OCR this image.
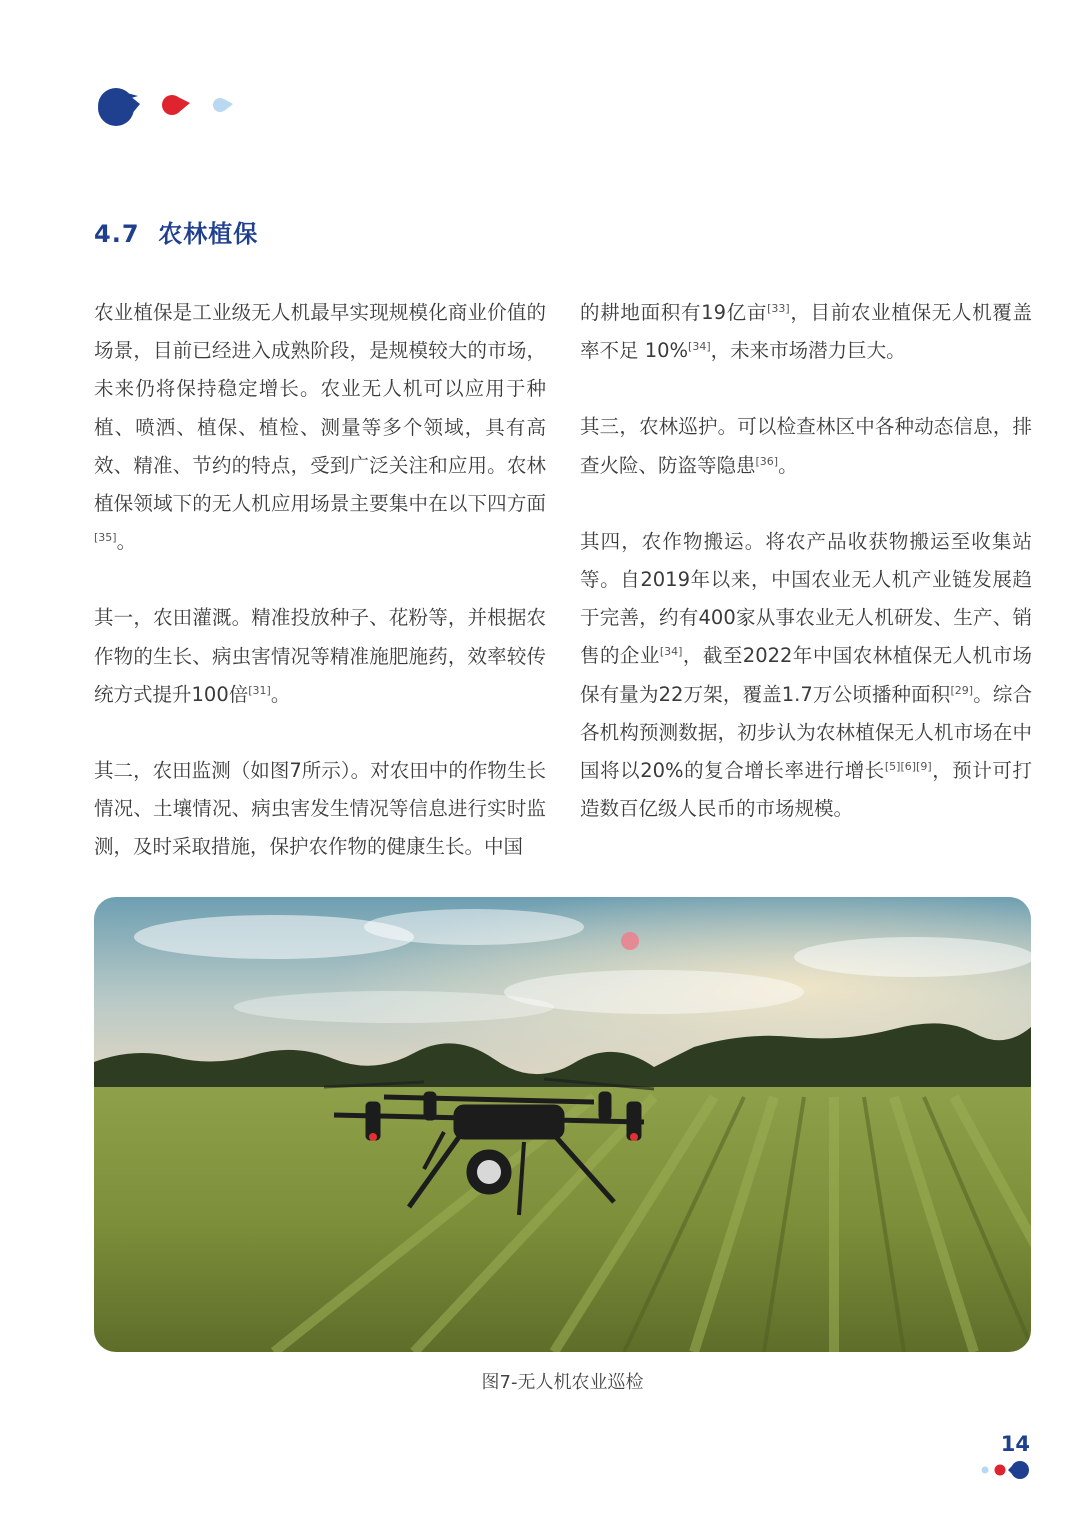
4.7 农林植保

农业植保是工业级无人机最早实现规模化商业价值的场景，目前已经进入成熟阶段，是规模较大的市场，未来仍将保持稳定增长。农业无人机可以应用于种植、喷洒、植保、植检、测量等多个领域，具有高效、精准、节约的特点，受到广泛关注和应用。农林植保领域下的无人机应用场景主要集中在以下四方面[35]。

其一，农田灌溉。精准投放种子、花粉等，并根据农作物的生长、病虫害情况等精准施肥施药，效率较传统方式提升100倍[31]。

其二，农田监测（如图7所示）。对农田中的作物生长情况、土壤情况、病虫害发生情况等信息进行实时监测，及时采取措施，保护农作物的健康生长。中国

的耕地面积有19亿亩[33]，目前农业植保无人机覆盖率不足 10%[34]，未来市场潜力巨大。

其三，农林巡护。可以检查林区中各种动态信息，排查火险、防盗等隐患[36]。

其四，农作物搬运。将农产品收获物搬运至收集站等。自2019年以来，中国农业无人机产业链发展趋于完善，约有400家从事农业无人机研发、生产、销售的企业[34]，截至2022年中国农林植保无人机市场保有量为22万架，覆盖1.7万公顷播种面积[29]。综合各机构预测数据，初步认为农林植保无人机市场在中国将以20%的复合增长率进行增长[5][6][9]，预计可打造数百亿级人民币的市场规模。

图7-无人机农业巡检
14
